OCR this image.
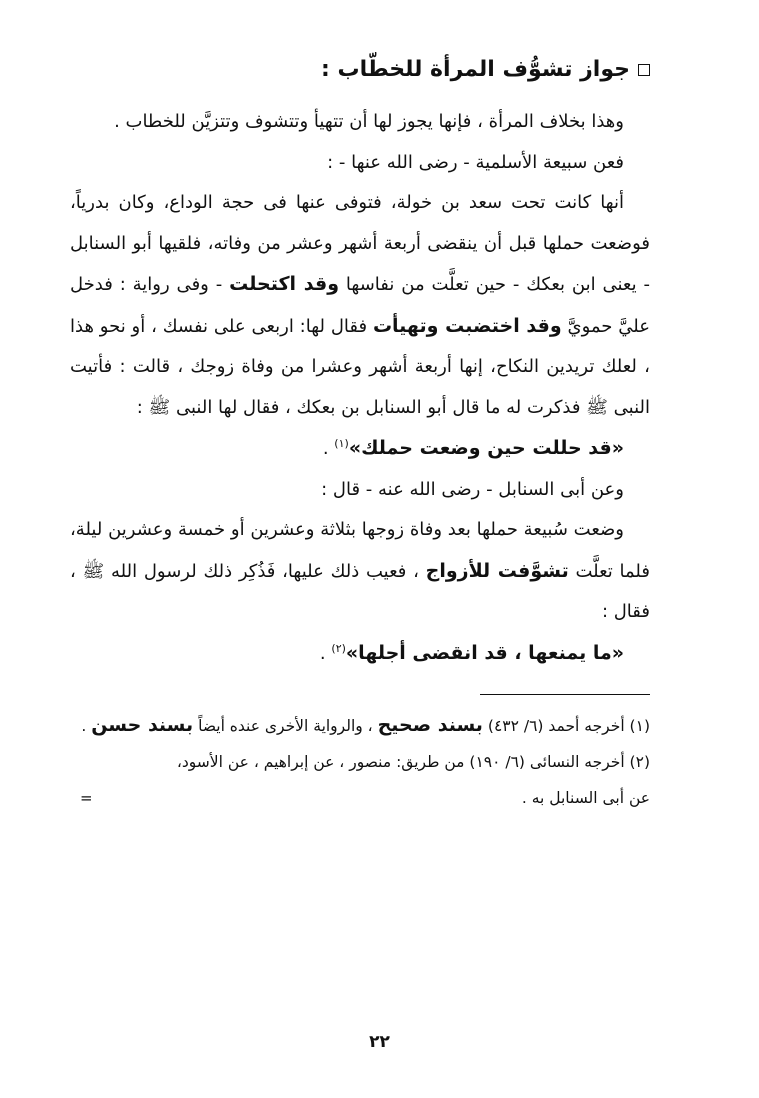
جواز تشوُّف المرأة للخطّاب :

وهذا بخلاف المرأة ، فإنها يجوز لها أن تتهيأ وتتشوف وتتزيَّن للخطاب .

فعن سبيعة الأسلمية - رضى الله عنها - :

أنها كانت تحت سعد بن خولة، فتوفى عنها فى حجة الوداع، وكان بدرياً، فوضعت حملها قبل أن ينقضى أربعة أشهر وعشر من وفاته، فلقيها أبو السنابل - يعنى ابن بعكك - حين تعلَّت من نفاسها وقد اكتحلت - وفى رواية : فدخل عليَّ حمويَّ وقد اختضبت وتهيأت فقال لها: اربعى على نفسك ، أو نحو هذا ، لعلك تريدين النكاح، إنها أربعة أشهر وعشرا من وفاة زوجك ، قالت : فأتيت النبى ﷺ فذكرت له ما قال أبو السنابل بن بعكك ، فقال لها النبى ﷺ :

«قد حللت حين وضعت حملك»$^{(١)}$ .

وعن أبى السنابل - رضى الله عنه - قال :

وضعت سُبيعة حملها بعد وفاة زوجها بثلاثة وعشرين أو خمسة وعشرين ليلة، فلما تعلَّت تشوَّفت للأزواج ، فعيب ذلك عليها، فَذُكِر ذلك لرسول الله ﷺ ، فقال :

«ما يمنعها ، قد انقضى أجلها»$^{(٢)}$ .

(١) أخرجه أحمد (٦/ ٤٣٢) بسند صحيح ، والرواية الأخرى عنده أيضاً بسند حسن .

(٢) أخرجه النسائى (٦/ ١٩٠) من طريق: منصور ، عن إبراهيم ، عن الأسود،

عن أبى السنابل به .
=

٢٢
